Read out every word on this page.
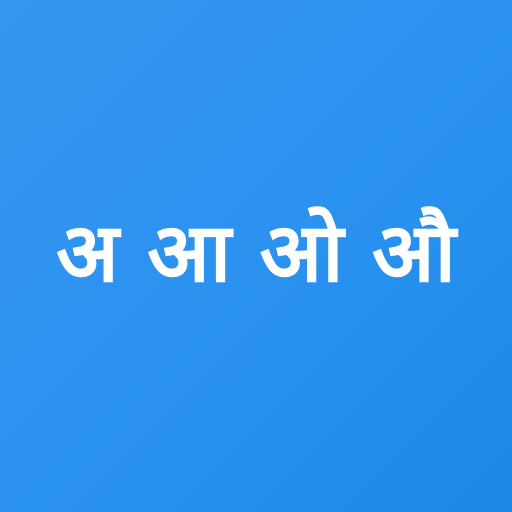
अ आ ओ औ
